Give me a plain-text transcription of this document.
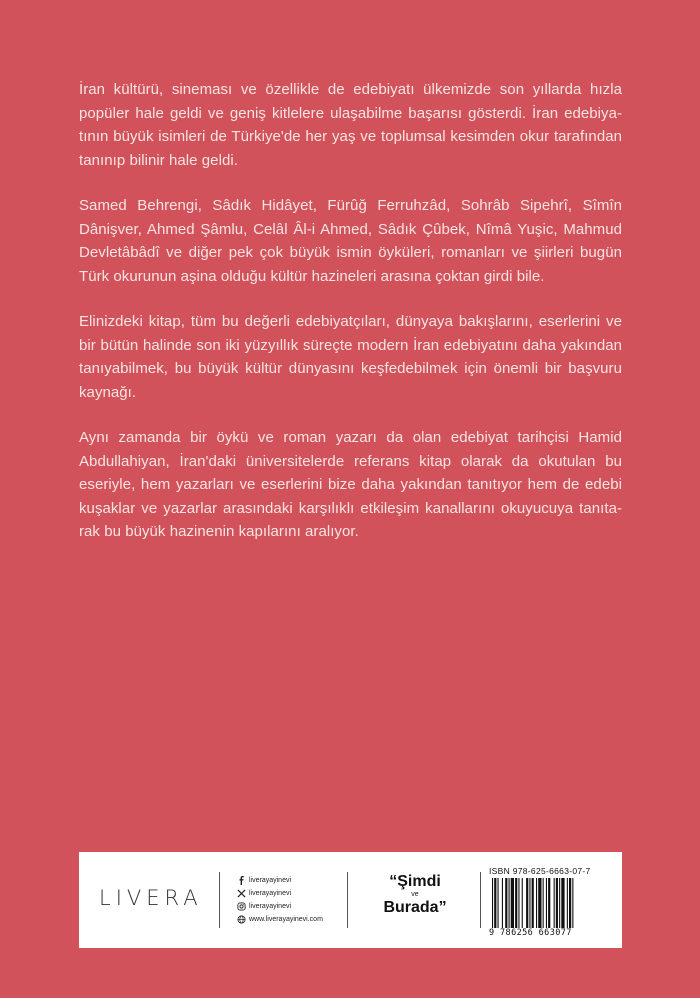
İran kültürü, sineması ve özellikle de edebiyatı ülkemizde son yıllarda hızla popüler hale geldi ve geniş kitlelere ulaşabilme başarısı gösterdi. İran edebiyatının büyük isimleri de Türkiye'de her yaş ve toplumsal kesimden okur tarafından tanınıp bilinir hale geldi.

Samed Behrengi, Sâdık Hidâyet, Fürûğ Ferruhzâd, Sohrâb Sipehrî, Sîmîn Dânişver, Ahmed Şâmlu, Celâl Âl-i Ahmed, Sâdık Çûbek, Nîmâ Yuşic, Mahmud Devletâbâdî ve diğer pek çok büyük ismin öyküleri, romanları ve şiirleri bugün Türk okurunun aşina olduğu kültür hazineleri arasına çoktan girdi bile.

Elinizdeki kitap, tüm bu değerli edebiyatçıları, dünyaya bakışlarını, eserlerini ve bir bütün halinde son iki yüzyıllık süreçte modern İran edebiyatını daha yakından tanıyabilmek, bu büyük kültür dünyasını keşfedebilmek için önemli bir başvuru kaynağı.

Aynı zamanda bir öykü ve roman yazarı da olan edebiyat tarihçisi Hamid Abdullahiyan, İran'daki üniversitelerde referans kitap olarak da okutulan bu eseriyle, hem yazarları ve eserlerini bize daha yakından tanıtıyor hem de edebi kuşaklar ve yazarlar arasındaki karşılıklı etkileşim kanallarını okuyucuya tanıtarak bu büyük hazinenin kapılarını aralıyor.

LIVERA
liverayayinevi
liverayayinevi
liverayayinevi
www.liverayayinevi.com
“Şimdi
ve
Burada”
ISBN 978-625-6663-07-7
9 786256 663077
